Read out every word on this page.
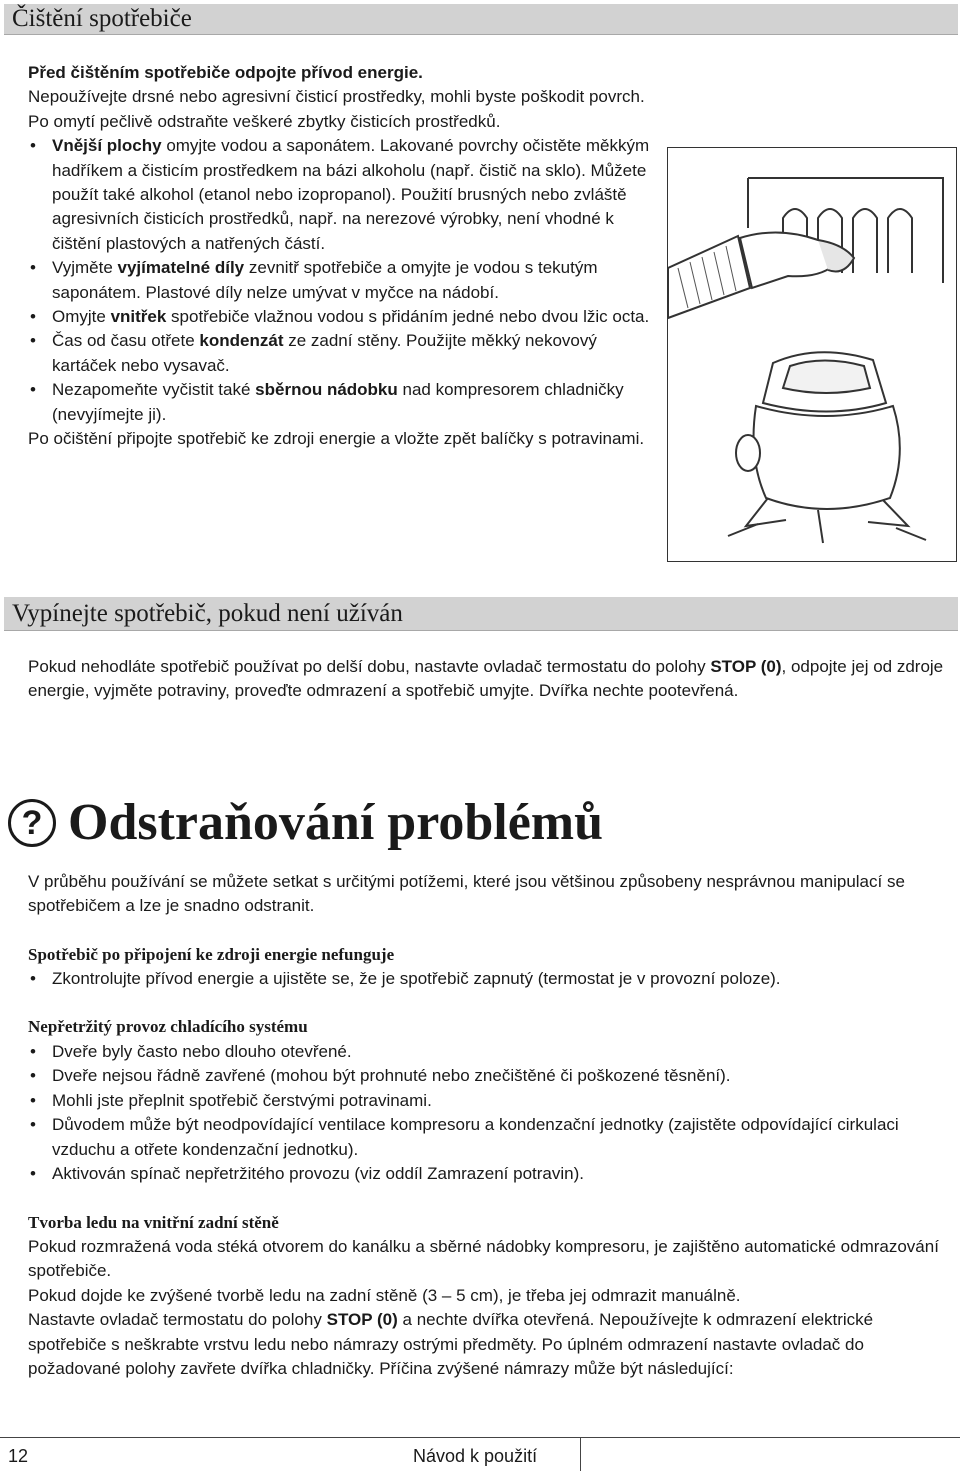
Čištění spotřebiče
Před čištěním spotřebiče odpojte přívod energie.
Nepoužívejte drsné nebo agresivní čisticí prostředky, mohli byste poškodit povrch. Po omytí pečlivě odstraňte veškeré zbytky čisticích prostředků.
• Vnější plochy omyjte vodou a saponátem. Lakované povrchy očistěte měkkým hadříkem a čisticím prostředkem na bázi alkoholu (např. čistič na sklo). Můžete použít také alkohol (etanol nebo izopropanol). Použití brusných nebo zvláště agresivních čisticích prostředků, např. na nerezové výrobky, není vhodné k čištění plastových a natřených částí.
• Vyjměte vyjímatelné díly zevnitř spotřebiče a omyjte je vodou s tekutým saponátem. Plastové díly nelze umývat v myčce na nádobí.
• Omyjte vnitřek spotřebiče vlažnou vodou s přidáním jedné nebo dvou lžic octa.
• Čas od času otřete kondenzát ze zadní stěny. Použijte měkký nekovový kartáček nebo vysavač.
• Nezapomeňte vyčistit také sběrnou nádobku nad kompresorem chladničky (nevyjímejte ji).
Po očištění připojte spotřebič ke zdroji energie a vložte zpět balíčky s potravinami.
Vypínejte spotřebič, pokud není užíván
Pokud nehodláte spotřebič používat po delší dobu, nastavte ovladač termostatu do polohy STOP (0), odpojte jej od zdroje energie, vyjměte potraviny, proveďte odmrazení a spotřebič umyjte. Dvířka nechte pootevřená.
? Odstraňování problémů
V průběhu používání se můžete setkat s určitými potížemi, které jsou většinou způsobeny nesprávnou manipulací se spotřebičem a lze je snadno odstranit.
Spotřebič po připojení ke zdroji energie nefunguje
• Zkontrolujte přívod energie a ujistěte se, že je spotřebič zapnutý (termostat je v provozní poloze).
Nepřetržitý provoz chladícího systému
• Dveře byly často nebo dlouho otevřené.
• Dveře nejsou řádně zavřené (mohou být prohnuté nebo znečištěné či poškozené těsnění).
• Mohli jste přeplnit spotřebič čerstvými potravinami.
• Důvodem může být neodpovídající ventilace kompresoru a kondenzační jednotky (zajistěte odpovídající cirkulaci vzduchu a otřete kondenzační jednotku).
• Aktivován spínač nepřetržitého provozu (viz oddíl Zamrazení potravin).
Tvorba ledu na vnitřní zadní stěně
Pokud rozmražená voda stéká otvorem do kanálku a sběrné nádobky kompresoru, je zajištěno automatické odmrazování spotřebiče.
Pokud dojde ke zvýšené tvorbě ledu na zadní stěně (3 – 5 cm), je třeba jej odmrazit manuálně.
Nastavte ovladač termostatu do polohy STOP (0) a nechte dvířka otevřená. Nepoužívejte k odmrazení elektrické spotřebiče s neškrabte vrstvu ledu nebo námrazy ostrými předměty. Po úplném odmrazení nastavte ovladač do požadované polohy zavřete dvířka chladničky. Příčina zvýšené námrazy může být následující:
12	Návod k použití
